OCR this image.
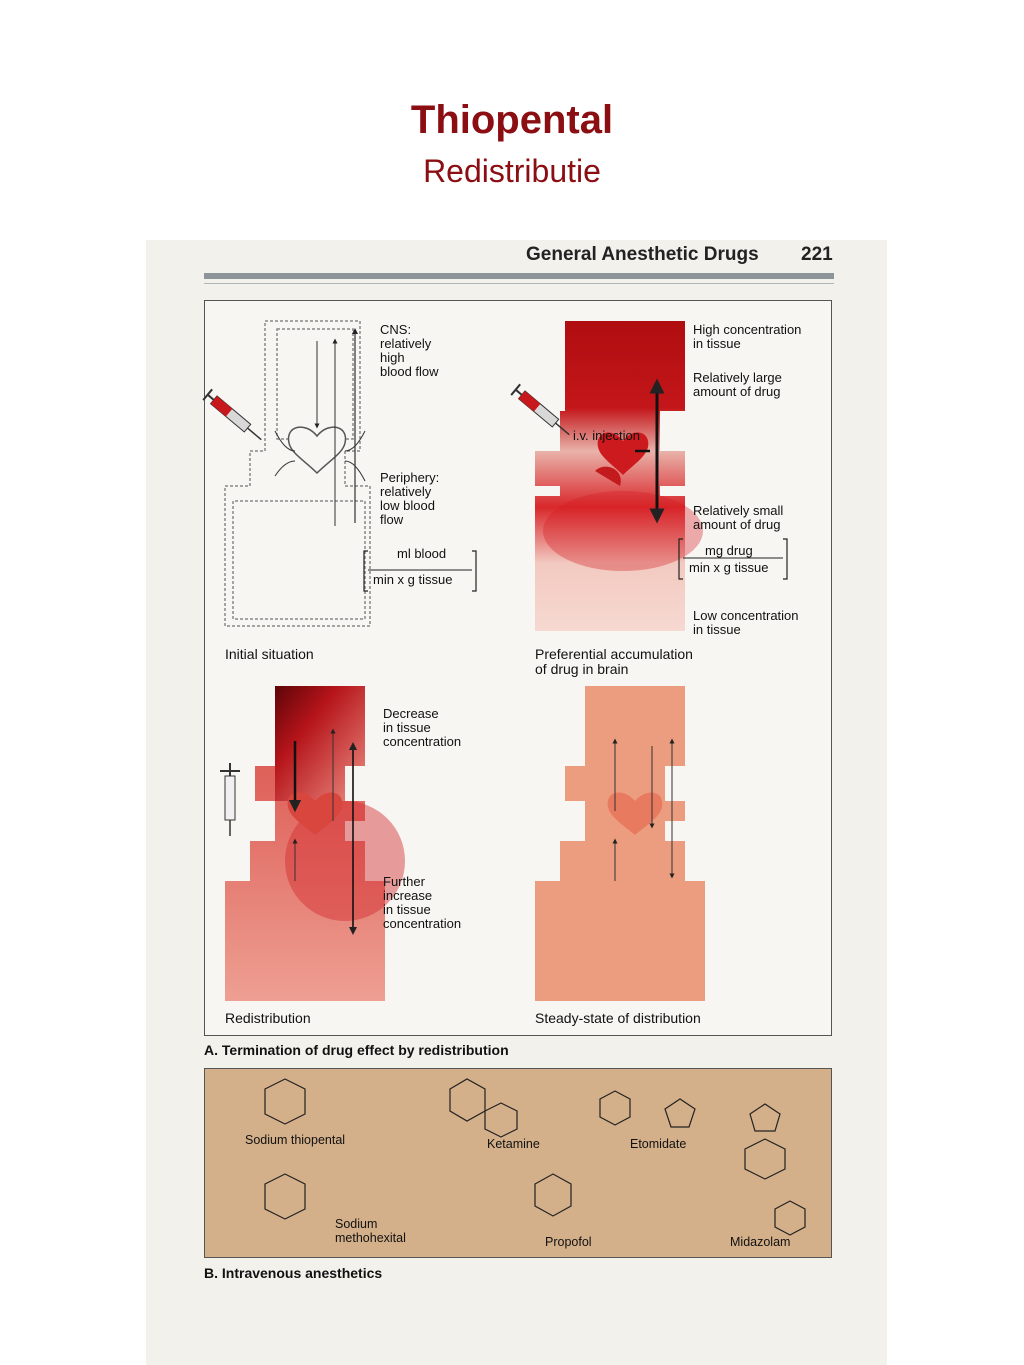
Thiopental
Redistributie
General Anesthetic Drugs 221
CNS:
relatively
high
blood flow
Periphery:
relatively
low blood
flow
ml blood
min x g tissue
Initial situation
High concentration
in tissue
Relatively large
amount of drug
i.v. injection
Relatively small
amount of drug
mg drug
min x g tissue
Low concentration
in tissue
Preferential accumulation
of drug in brain
Decrease
in tissue
concentration
Further
increase
in tissue
concentration
Redistribution	Steady-state of distribution
A. Termination of drug effect by redistribution
Sodium thiopental	Ketamine	Etomidate
Sodium
methohexital	Propofol	Midazolam
B. Intravenous anesthetics
